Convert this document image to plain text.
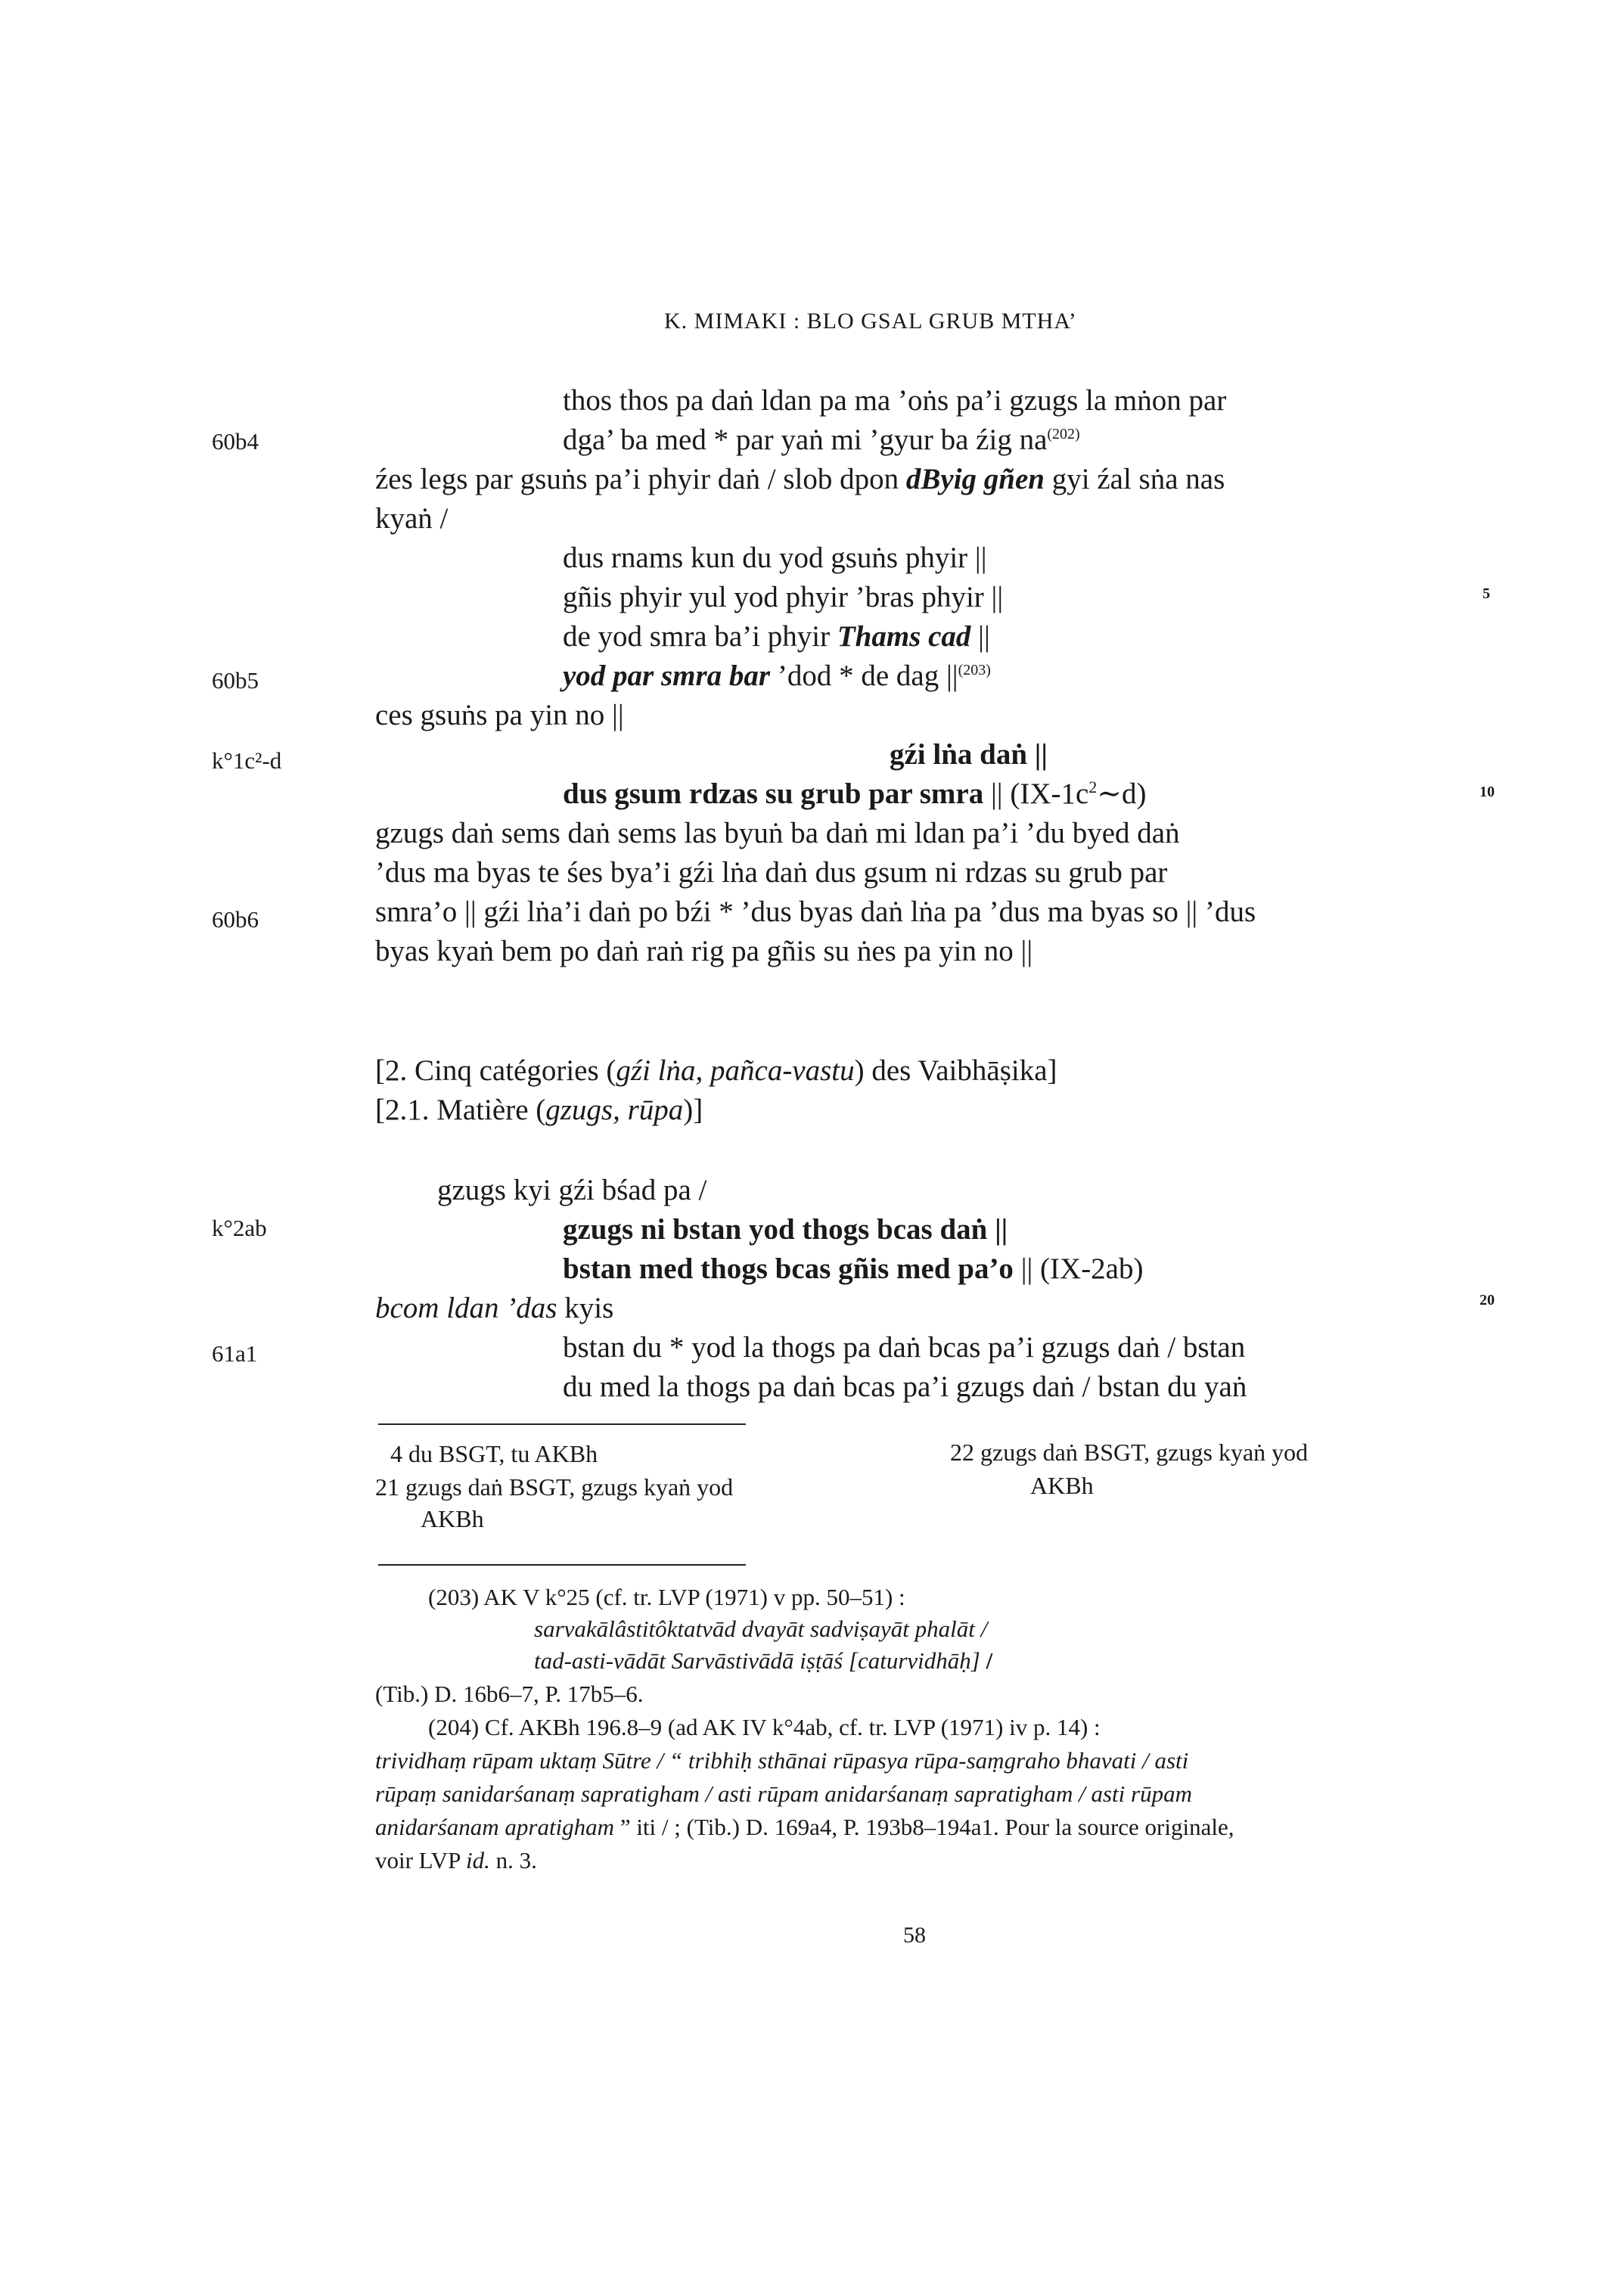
K. MIMAKI : BLO GSAL GRUB MTHA’
60b4
60b5
k°1c²-d
60b6
k°2ab
61a1
5
10
20
thos thos pa daṅ ldan pa ma ’oṅs pa’i gzugs la mṅon par
dga’ ba med * par yaṅ mi ’gyur ba źig $na^{(202)}$
źes legs par gsuṅs pa’i phyir daṅ / slob dpon dByig gñen gyi źal sṅa nas
kyaṅ /
dus rnams kun du yod gsuṅs phyir ||
gñis phyir yul yod phyir ’bras phyir ||
de yod smra ba’i phyir Thams cad ||
yod par smra bar ’dod * de dag $||^{(203)}$
ces gsuṅs pa yin no ||
gźi lṅa daṅ ||
dus gsum rdzas su grub par smra || $(IX-1c^2\sim d)$
gzugs daṅ sems daṅ sems las byuṅ ba daṅ mi ldan pa’i ’du byed daṅ
’dus ma byas te śes bya’i gźi lṅa daṅ dus gsum ni rdzas su grub par
smra’o || gźi lṅa’i daṅ po bźi * ’dus byas daṅ lṅa pa ’dus ma byas so || ’dus
byas kyaṅ bem po daṅ raṅ rig pa gñis su ṅes pa yin no ||
[2. Cinq catégories (gźi lṅa, pañca-vastu) des Vaibhāṣika]
[2.1. Matière (gzugs, rūpa)]
gzugs kyi gźi bśad pa /
gzugs ni bstan yod thogs bcas daṅ ||
bstan med thogs bcas gñis med pa’o || (IX-2ab)
bcom ldan ’das kyis
bstan du * yod la thogs pa daṅ bcas pa’i gzugs daṅ / bstan
du med la thogs pa daṅ bcas pa’i gzugs daṅ / bstan du yaṅ
4 du BSGT, tu AKBh
21 gzugs daṅ BSGT, gzugs kyaṅ yod
AKBh
22 gzugs daṅ BSGT, gzugs kyaṅ yod
AKBh
(203) AK V k°25 (cf. tr. LVP (1971) v pp. 50–51) :
sarvakālâstitôktatvād dvayāt sadviṣayāt phalāt /
tad-asti-vādāt Sarvāstivādā iṣṭāś [caturvidhāḥ] /
(Tib.) D. 16b6–7, P. 17b5–6.
(204) Cf. AKBh 196.8–9 (ad AK IV k°4ab, cf. tr. LVP (1971) iv p. 14) :
trividhaṃ rūpam uktaṃ Sūtre / “ tribhiḥ sthānai rūpasya rūpa-saṃgraho bhavati / asti
rūpaṃ sanidarśanaṃ sapratigham / asti rūpam anidarśanaṃ sapratigham / asti rūpam
anidarśanam apratigham ” iti / ; (Tib.) D. 169a4, P. 193b8–194a1. Pour la source originale,
voir LVP id. n. 3.
58
